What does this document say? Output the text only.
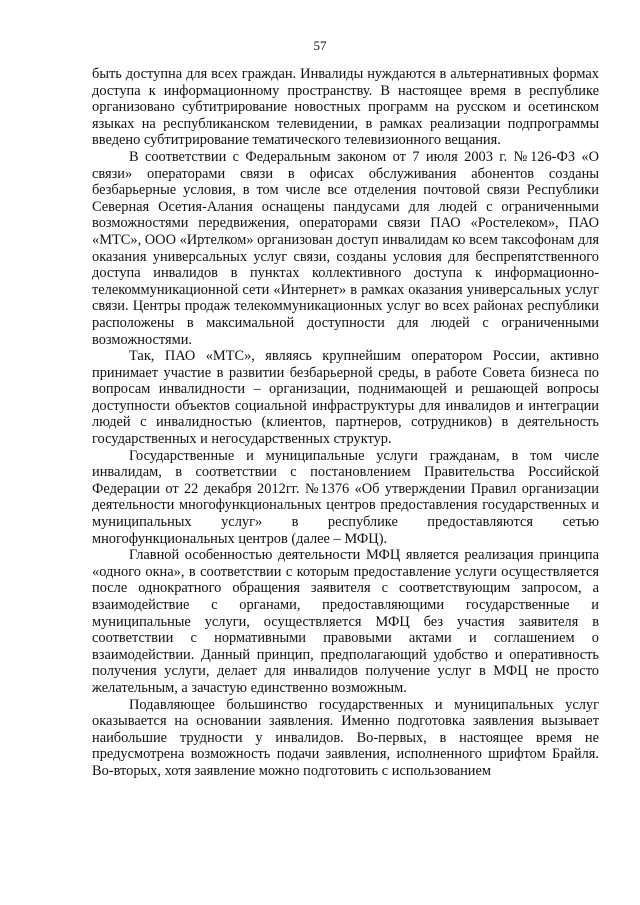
57

быть доступна для всех граждан. Инвалиды нуждаются в альтернативных формах доступа к информационному пространству. В настоящее время в республике организовано субтитрирование новостных программ на русском и осетинском языках на республиканском телевидении, в рамках реализации подпрограммы введено субтитрирование тематического телевизионного вещания.

В соответствии с Федеральным законом от 7 июля 2003 г. №126-ФЗ «О связи» операторами связи в офисах обслуживания абонентов созданы безбарьерные условия, в том числе все отделения почтовой связи Республики Северная Осетия-Алания оснащены пандусами для людей с ограниченными возможностями передвижения, операторами связи ПАО «Ростелеком», ПАО «МТС», ООО «Иртелком» организован доступ инвалидам ко всем таксофонам для оказания универсальных услуг связи, созданы условия для беспрепятственного доступа инвалидов в пунктах коллективного доступа к информационно-телекоммуникационной сети «Интернет» в рамках оказания универсальных услуг связи. Центры продаж телекоммуникационных услуг во всех районах республики расположены в максимальной доступности для людей с ограниченными возможностями.

Так, ПАО «МТС», являясь крупнейшим оператором России, активно принимает участие в развитии безбарьерной среды, в работе Совета бизнеса по вопросам инвалидности – организации, поднимающей и решающей вопросы доступности объектов социальной инфраструктуры для инвалидов и интеграции людей с инвалидностью (клиентов, партнеров, сотрудников) в деятельность государственных и негосударственных структур.

Государственные и муниципальные услуги гражданам, в том числе инвалидам, в соответствии с постановлением Правительства Российской Федерации от 22 декабря 2012гг. №1376 «Об утверждении Правил организации деятельности многофункциональных центров предоставления государственных и муниципальных услуг» в республике предоставляются сетью многофункциональных центров (далее – МФЦ).

Главной особенностью деятельности МФЦ является реализация принципа «одного окна», в соответствии с которым предоставление услуги осуществляется после однократного обращения заявителя с соответствующим запросом, а взаимодействие с органами, предоставляющими государственные и муниципальные услуги, осуществляется МФЦ без участия заявителя в соответствии с нормативными правовыми актами и соглашением о взаимодействии. Данный принцип, предполагающий удобство и оперативность получения услуги, делает для инвалидов получение услуг в МФЦ не просто желательным, а зачастую единственно возможным.

Подавляющее большинство государственных и муниципальных услуг оказывается на основании заявления. Именно подготовка заявления вызывает наибольшие трудности у инвалидов. Во-первых, в настоящее время не предусмотрена возможность подачи заявления, исполненного шрифтом Брайля. Во-вторых, хотя заявление можно подготовить с использованием
